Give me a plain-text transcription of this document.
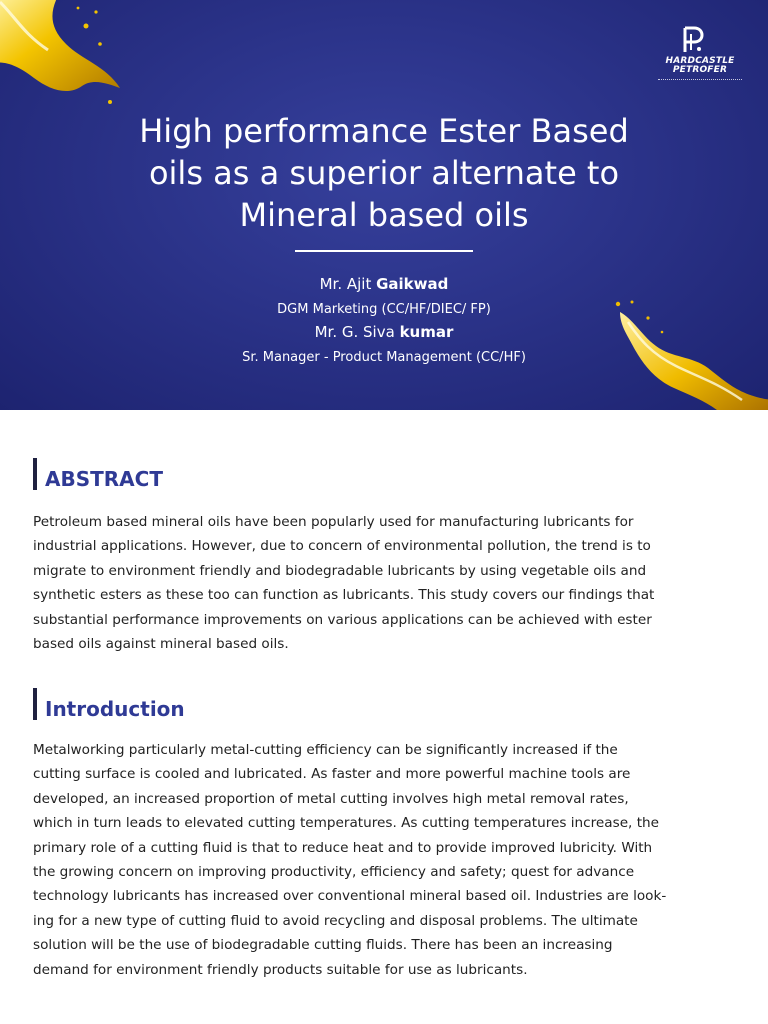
HARDCASTLE
PETROFER
High performance Ester Based
oils as a superior alternate to
Mineral based oils

Mr. Ajit Gaikwad

DGM Marketing (CC/HF/DIEC/ FP)

Mr. G. Siva kumar

Sr. Manager - Product Management (CC/HF)

ABSTRACT
Petroleum based mineral oils have been popularly used for manufacturing lubricants for
industrial applications. However, due to concern of environmental pollution, the trend is to
migrate to environment friendly and biodegradable lubricants by using vegetable oils and
synthetic esters as these too can function as lubricants. This study covers our findings that
substantial performance improvements on various applications can be achieved with ester
based oils against mineral based oils.
Introduction
Metalworking particularly metal-cutting efficiency can be significantly increased if the
cutting surface is cooled and lubricated. As faster and more powerful machine tools are
developed, an increased proportion of metal cutting involves high metal removal rates,
which in turn leads to elevated cutting temperatures. As cutting temperatures increase, the
primary role of a cutting fluid is that to reduce heat and to provide improved lubricity. With
the growing concern on improving productivity, efficiency and safety; quest for advance
technology lubricants has increased over conventional mineral based oil. Industries are look-
ing for a new type of cutting fluid to avoid recycling and disposal problems. The ultimate
solution will be the use of biodegradable cutting fluids. There has been an increasing
demand for environment friendly products suitable for use as lubricants.
